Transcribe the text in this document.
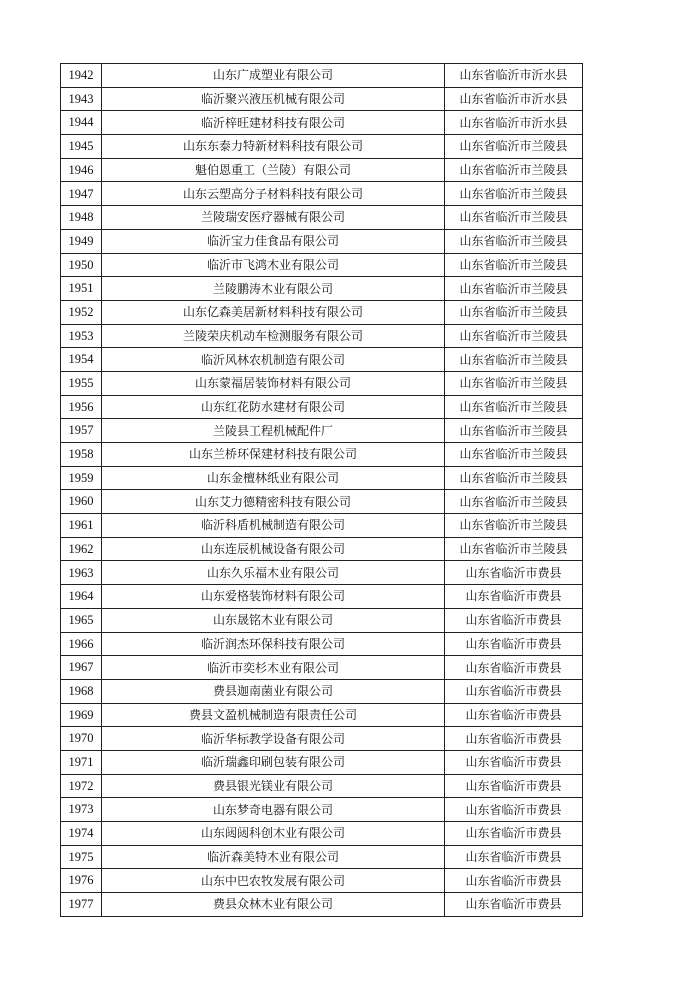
1942	山东广成塑业有限公司	山东省临沂市沂水县
1943	临沂聚兴液压机械有限公司	山东省临沂市沂水县
1944	临沂梓旺建材科技有限公司	山东省临沂市沂水县
1945	山东东泰力特新材料科技有限公司	山东省临沂市兰陵县
1946	魁伯恩重工（兰陵）有限公司	山东省临沂市兰陵县
1947	山东云塑高分子材料科技有限公司	山东省临沂市兰陵县
1948	兰陵瑞安医疗器械有限公司	山东省临沂市兰陵县
1949	临沂宝力佳食品有限公司	山东省临沂市兰陵县
1950	临沂市飞鸿木业有限公司	山东省临沂市兰陵县
1951	兰陵鹏涛木业有限公司	山东省临沂市兰陵县
1952	山东亿森美居新材料科技有限公司	山东省临沂市兰陵县
1953	兰陵荣庆机动车检测服务有限公司	山东省临沂市兰陵县
1954	临沂风林农机制造有限公司	山东省临沂市兰陵县
1955	山东蒙福居装饰材料有限公司	山东省临沂市兰陵县
1956	山东红花防水建材有限公司	山东省临沂市兰陵县
1957	兰陵县工程机械配件厂	山东省临沂市兰陵县
1958	山东兰桥环保建材科技有限公司	山东省临沂市兰陵县
1959	山东金檀林纸业有限公司	山东省临沂市兰陵县
1960	山东艾力德精密科技有限公司	山东省临沂市兰陵县
1961	临沂科盾机械制造有限公司	山东省临沂市兰陵县
1962	山东连辰机械设备有限公司	山东省临沂市兰陵县
1963	山东久乐福木业有限公司	山东省临沂市费县
1964	山东爱格装饰材料有限公司	山东省临沂市费县
1965	山东晟铭木业有限公司	山东省临沂市费县
1966	临沂润杰环保科技有限公司	山东省临沂市费县
1967	临沂市奕杉木业有限公司	山东省临沂市费县
1968	费县迦南菌业有限公司	山东省临沂市费县
1969	费县文盈机械制造有限责任公司	山东省临沂市费县
1970	临沂华标教学设备有限公司	山东省临沂市费县
1971	临沂瑞鑫印刷包装有限公司	山东省临沂市费县
1972	费县银光镁业有限公司	山东省临沂市费县
1973	山东梦奇电器有限公司	山东省临沂市费县
1974	山东闼闼科创木业有限公司	山东省临沂市费县
1975	临沂森美特木业有限公司	山东省临沂市费县
1976	山东中巴农牧发展有限公司	山东省临沂市费县
1977	费县众林木业有限公司	山东省临沂市费县
